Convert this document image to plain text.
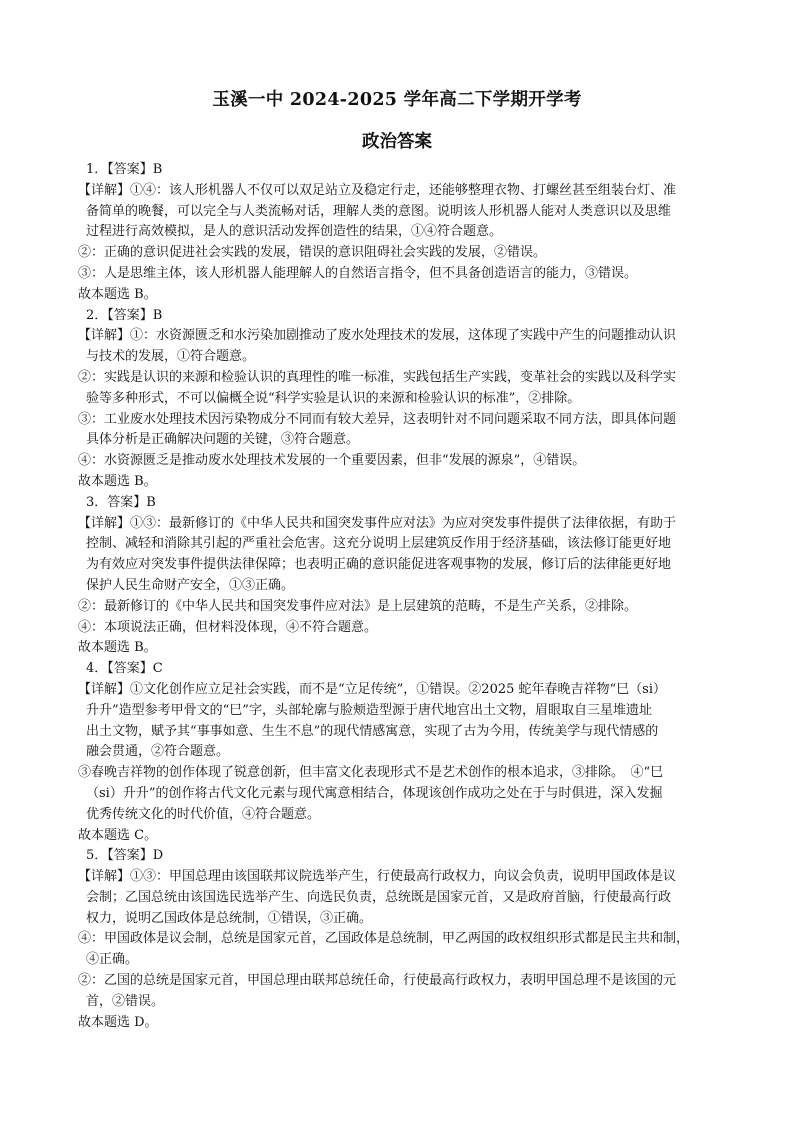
玉溪一中 2024-2025 学年高二下学期开学考
政治答案
1．【答案】B
【详解】①④：该人形机器人不仅可以双足站立及稳定行走，还能够整理衣物、打螺丝甚至组装台灯、准
备简单的晚餐，可以完全与人类流畅对话，理解人类的意图。说明该人形机器人能对人类意识以及思维
过程进行高效模拟，是人的意识活动发挥创造性的结果，①④符合题意。
②：正确的意识促进社会实践的发展，错误的意识阻碍社会实践的发展，②错误。
③：人是思维主体，该人形机器人能理解人的自然语言指令，但不具备创造语言的能力，③错误。
故本题选 B。
2．【答案】B
【详解】①：水资源匮乏和水污染加剧推动了废水处理技术的发展，这体现了实践中产生的问题推动认识
与技术的发展，①符合题意。
②：实践是认识的来源和检验认识的真理性的唯一标准，实践包括生产实践，变革社会的实践以及科学实
验等多种形式，不可以偏概全说“科学实验是认识的来源和检验认识的标准”，②排除。
③：工业废水处理技术因污染物成分不同而有较大差异，这表明针对不同问题采取不同方法，即具体问题
具体分析是正确解决问题的关键，③符合题意。
④：水资源匮乏是推动废水处理技术发展的一个重要因素，但非“发展的源泉”，④错误。
故本题选 B。
3．答案】B
【详解】①③：最新修订的《中华人民共和国突发事件应对法》为应对突发事件提供了法律依据，有助于
控制、减轻和消除其引起的严重社会危害。这充分说明上层建筑反作用于经济基础，该法修订能更好地
为有效应对突发事件提供法律保障；也表明正确的意识能促进客观事物的发展，修订后的法律能更好地
保护人民生命财产安全，①③正确。
②：最新修订的《中华人民共和国突发事件应对法》是上层建筑的范畴，不是生产关系，②排除。
④：本项说法正确，但材料没体现，④不符合题意。
故本题选 B。
4．【答案】C
【详解】①文化创作应立足社会实践，而不是“立足传统”，①错误。②2025 蛇年春晚吉祥物“巳（si）
升升”造型参考甲骨文的“巳”字，头部轮廓与脸颊造型源于唐代地宫出土文物，眉眼取自三星堆遗址
出土文物，赋予其“事事如意、生生不息”的现代情感寓意，实现了古为今用，传统美学与现代情感的
融会贯通，②符合题意。
③春晚吉祥物的创作体现了锐意创新，但丰富文化表现形式不是艺术创作的根本追求，③排除。　④“巳
（si）升升”的创作将古代文化元素与现代寓意相结合，体现该创作成功之处在于与时俱进，深入发掘
优秀传统文化的时代价值，④符合题意。
故本题选 C。
5．【答案】D
【详解】①③：甲国总理由该国联邦议院选举产生，行使最高行政权力，向议会负责，说明甲国政体是议
会制；乙国总统由该国选民选举产生、向选民负责，总统既是国家元首，又是政府首脑，行使最高行政
权力，说明乙国政体是总统制，①错误，③正确。
④：甲国政体是议会制，总统是国家元首，乙国政体是总统制，甲乙两国的政权组织形式都是民主共和制，
④正确。
②：乙国的总统是国家元首，甲国总理由联邦总统任命，行使最高行政权力，表明甲国总理不是该国的元
首，②错误。
故本题选 D。
